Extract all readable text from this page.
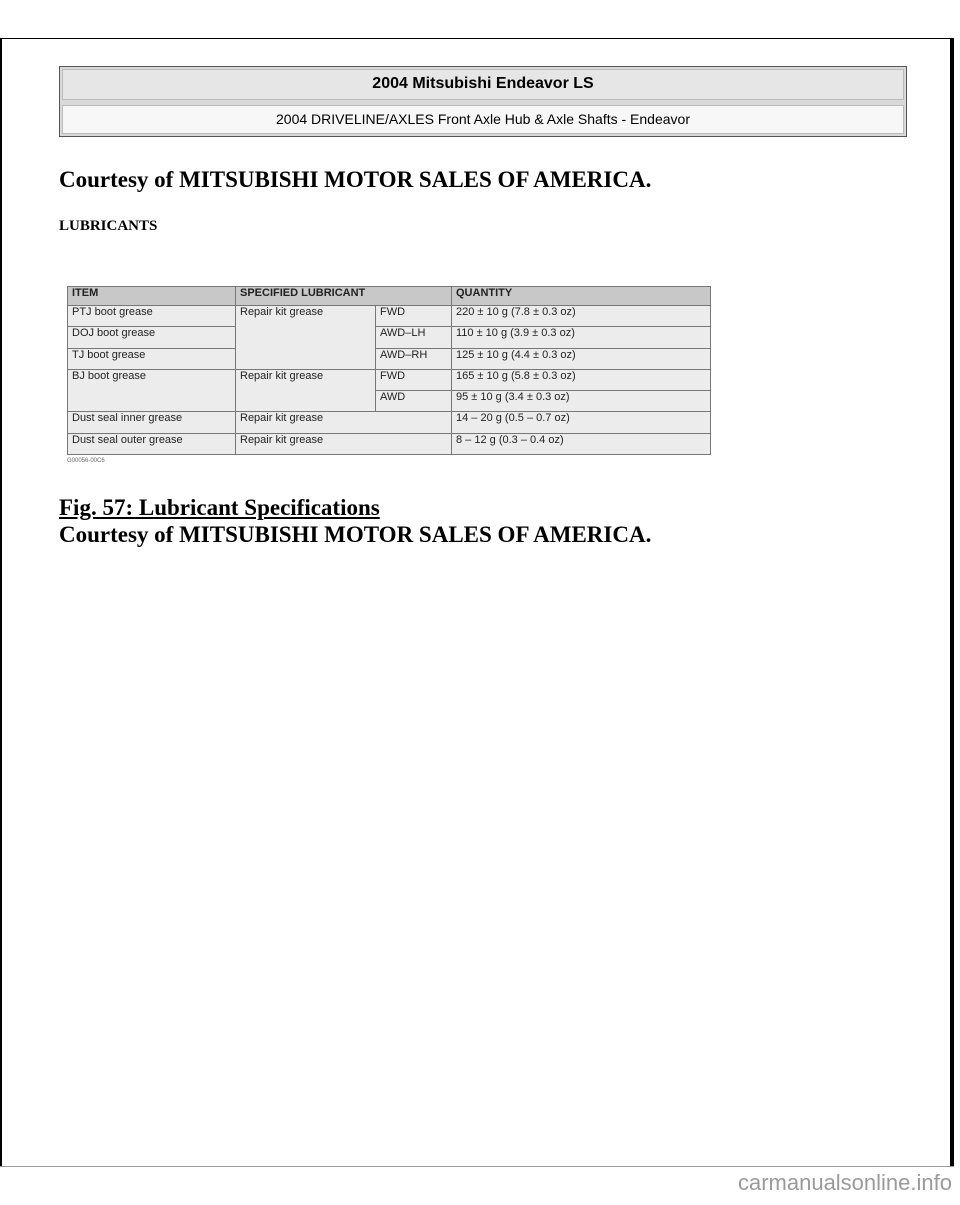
2004 Mitsubishi Endeavor LS
2004 DRIVELINE/AXLES Front Axle Hub & Axle Shafts - Endeavor

Courtesy of MITSUBISHI MOTOR SALES OF AMERICA.

LUBRICANTS

ITEM	SPECIFIED LUBRICANT		QUANTITY
PTJ boot grease	Repair kit grease	FWD	220 ± 10 g (7.8 ± 0.3 oz)
DOJ boot grease		AWD–LH	110 ± 10 g (3.9 ± 0.3 oz)
TJ boot grease		AWD–RH	125 ± 10 g (4.4 ± 0.3 oz)
BJ boot grease	Repair kit grease	FWD	165 ± 10 g (5.8 ± 0.3 oz)
		AWD	95 ± 10 g (3.4 ± 0.3 oz)
Dust seal inner grease	Repair kit grease		14 – 20 g (0.5 – 0.7 oz)
Dust seal outer grease	Repair kit grease		8 – 12 g (0.3 – 0.4 oz)
G00056-00C6

Fig. 57: Lubricant Specifications

Courtesy of MITSUBISHI MOTOR SALES OF AMERICA.

carmanualsonline.info
